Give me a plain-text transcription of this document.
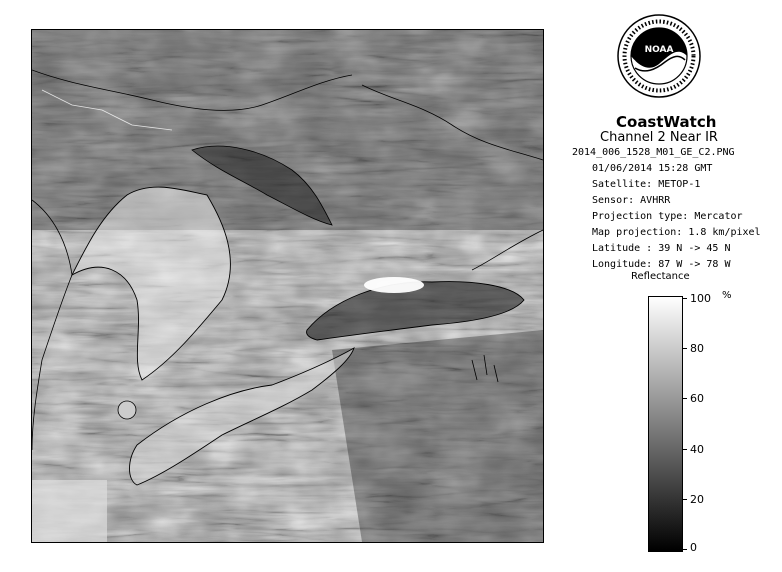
NOAA
CoastWatch
Channel 2 Near IR
2014_006_1528_M01_GE_C2.PNG
01/06/2014 15:28 GMT
Satellite: METOP-1
Sensor: AVHRR
Projection type: Mercator
Map projection: 1.8 km/pixel
Latitude : 39 N -> 45 N
Longitude: 87 W -> 78 W
Reflectance
%
100
80
60
40
20
0
